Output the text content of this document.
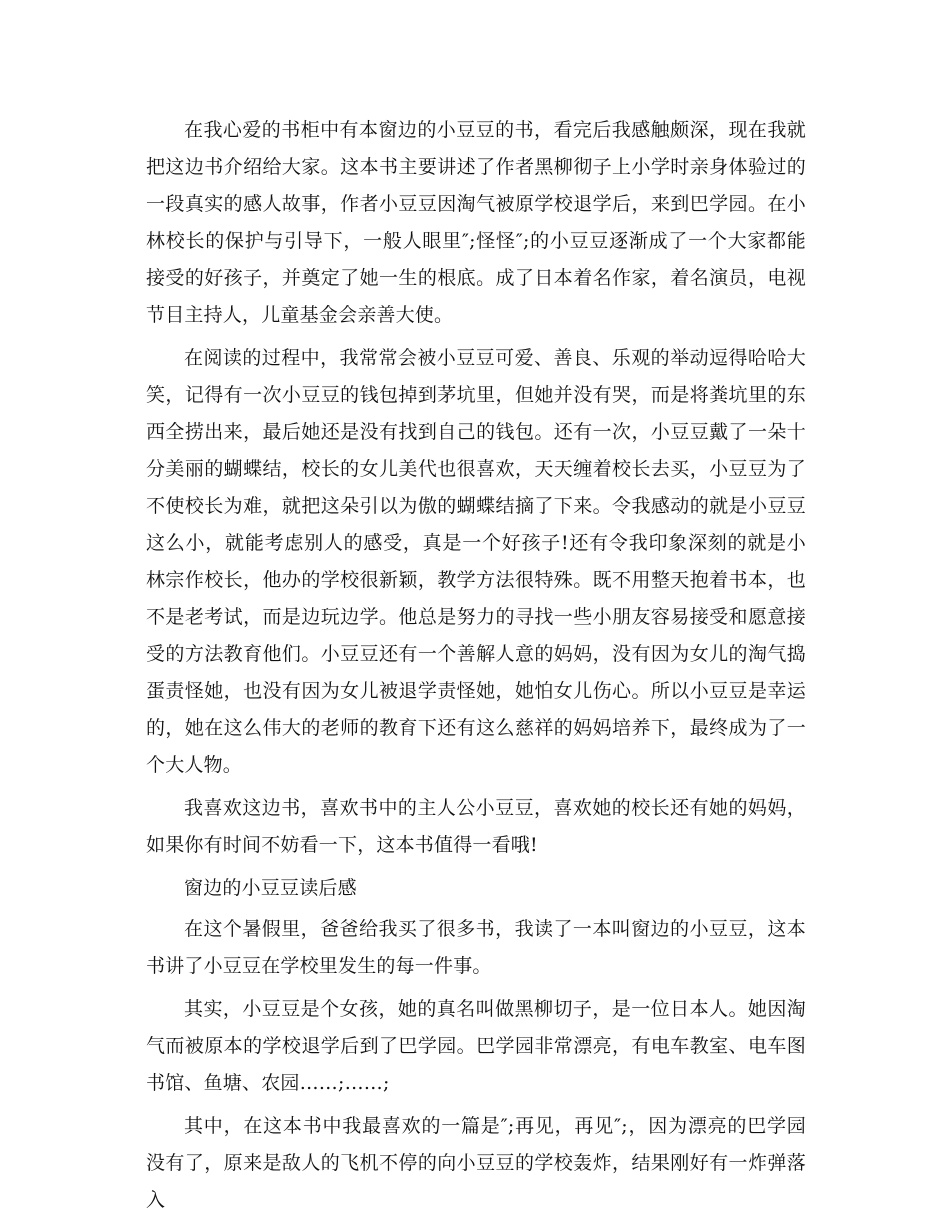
在我心爱的书柜中有本窗边的小豆豆的书，看完后我感触颇深，现在我就把这边书介绍给大家。这本书主要讲述了作者黑柳彻子上小学时亲身体验过的一段真实的感人故事，作者小豆豆因淘气被原学校退学后，来到巴学园。在小林校长的保护与引导下，一般人眼里″;怪怪″;的小豆豆逐渐成了一个大家都能接受的好孩子，并奠定了她一生的根底。成了日本着名作家，着名演员，电视节目主持人，儿童基金会亲善大使。

在阅读的过程中，我常常会被小豆豆可爱、善良、乐观的举动逗得哈哈大笑，记得有一次小豆豆的钱包掉到茅坑里，但她并没有哭，而是将粪坑里的东西全捞出来，最后她还是没有找到自己的钱包。还有一次，小豆豆戴了一朵十分美丽的蝴蝶结，校长的女儿美代也很喜欢，天天缠着校长去买，小豆豆为了不使校长为难，就把这朵引以为傲的蝴蝶结摘了下来。令我感动的就是小豆豆这么小，就能考虑别人的感受，真是一个好孩子!还有令我印象深刻的就是小林宗作校长，他办的学校很新颖，教学方法很特殊。既不用整天抱着书本，也不是老考试，而是边玩边学。他总是努力的寻找一些小朋友容易接受和愿意接受的方法教育他们。小豆豆还有一个善解人意的妈妈，没有因为女儿的淘气捣蛋责怪她，也没有因为女儿被退学责怪她，她怕女儿伤心。所以小豆豆是幸运的，她在这么伟大的老师的教育下还有这么慈祥的妈妈培养下，最终成为了一个大人物。

我喜欢这边书，喜欢书中的主人公小豆豆，喜欢她的校长还有她的妈妈，如果你有时间不妨看一下，这本书值得一看哦!

窗边的小豆豆读后感

在这个暑假里，爸爸给我买了很多书，我读了一本叫窗边的小豆豆，这本书讲了小豆豆在学校里发生的每一件事。

其实，小豆豆是个女孩，她的真名叫做黑柳切子，是一位日本人。她因淘气而被原本的学校退学后到了巴学园。巴学园非常漂亮，有电车教室、电车图书馆、鱼塘、农园……;……;

其中，在这本书中我最喜欢的一篇是″;再见，再见″;，因为漂亮的巴学园没有了，原来是敌人的飞机不停的向小豆豆的学校轰炸，结果刚好有一炸弹落入
